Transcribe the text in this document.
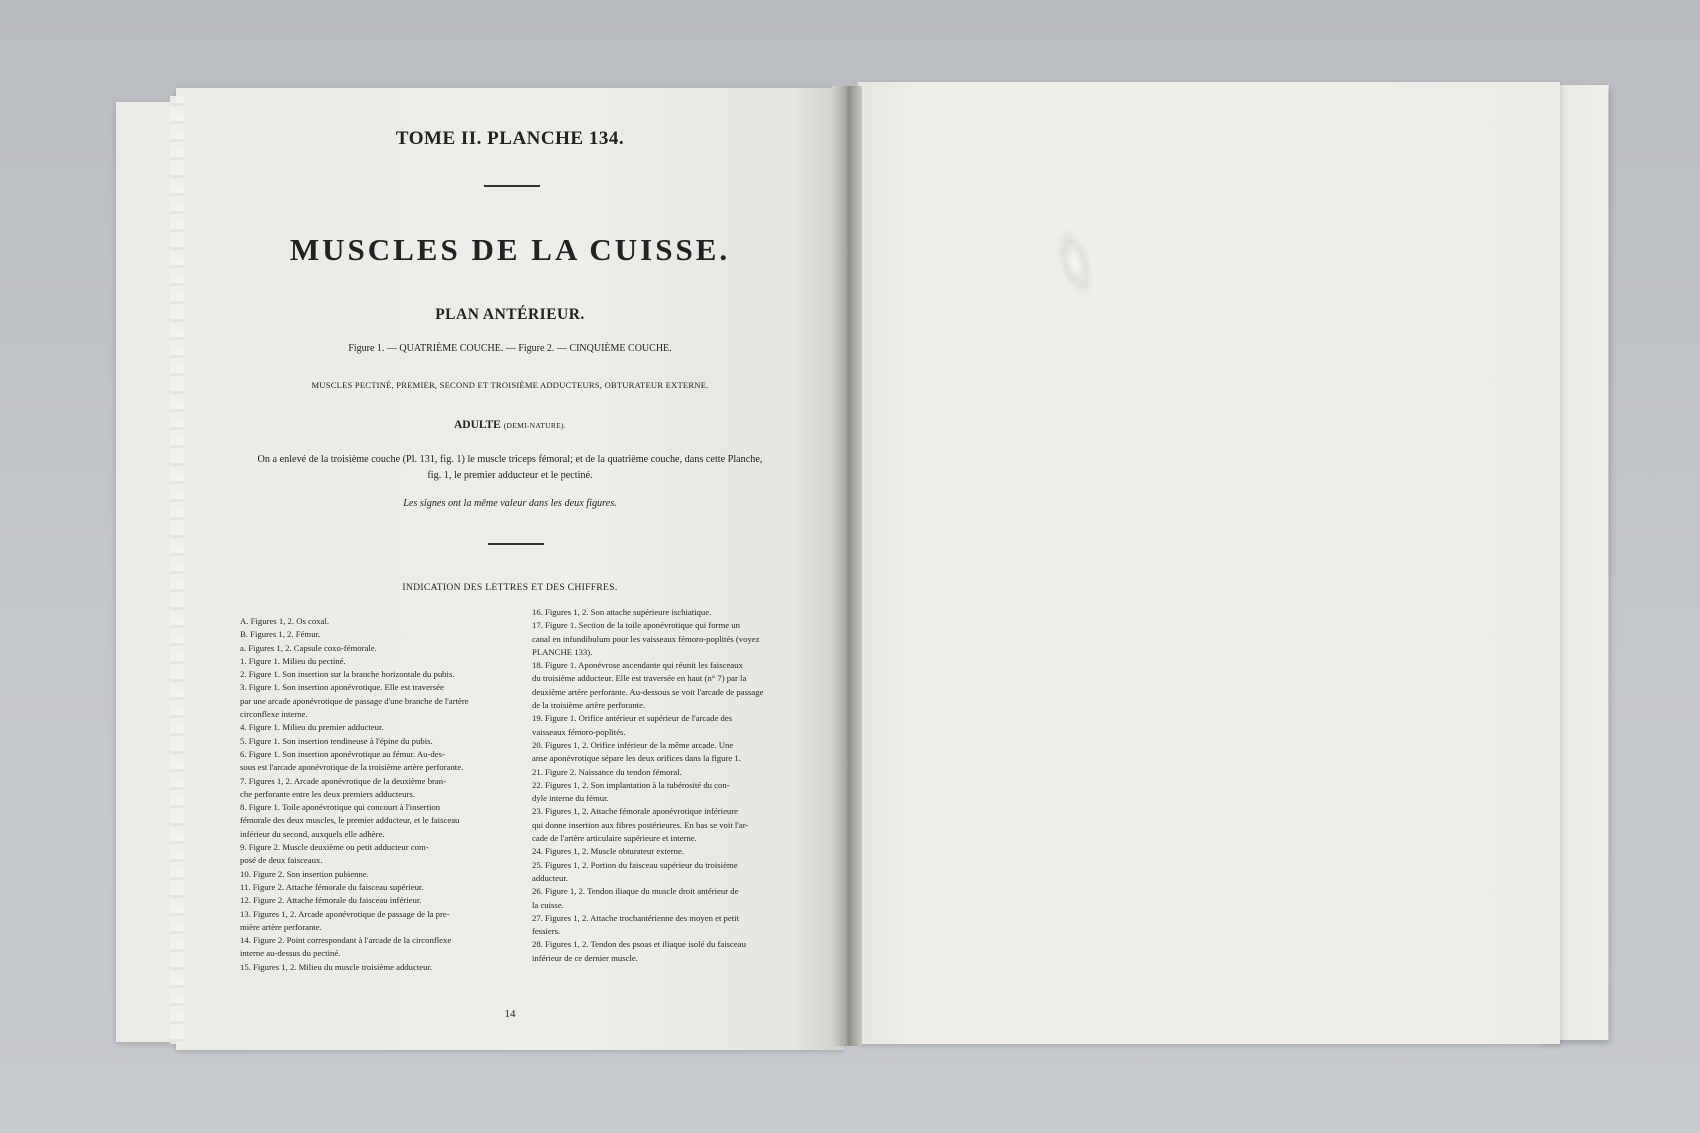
TOME II. PLANCHE 134.
MUSCLES DE LA CUISSE.
PLAN ANTÉRIEUR.
Figure 1. — QUATRIÈME COUCHE. — Figure 2. — CINQUIÈME COUCHE.
MUSCLES PECTINÉ, PREMIER, SECOND ET TROISIÈME ADDUCTEURS, OBTURATEUR EXTERNE.
ADULTE (DEMI-NATURE).
On a enlevé de la troisième couche (Pl. 131, fig. 1) le muscle triceps fémoral; et de la quatrième couche, dans cette Planche,
fig. 1, le premier adducteur et le pectiné.
Les signes ont la même valeur dans les deux figures.
INDICATION DES LETTRES ET DES CHIFFRES.
A. Figures 1, 2. Os coxal.
B. Figures 1, 2. Fémur.
a. Figures 1, 2. Capsule coxo-fémorale.
1. Figure 1. Milieu du pectiné.
2. Figure 1. Son insertion sur la branche horizontale du pubis.
3. Figure 1. Son insertion aponévrotique. Elle est traversée
par une arcade aponévrotique de passage d'une branche de l'artère
circonflexe interne.
4. Figure 1. Milieu du premier adducteur.
5. Figure 1. Son insertion tendineuse à l'épine du pubis.
6. Figure 1. Son insertion aponévrotique au fémur. Au-des-
sous est l'arcade aponévrotique de la troisième artère perforante.
7. Figures 1, 2. Arcade aponévrotique de la deuxième bran-
che perforante entre les deux premiers adducteurs.
8. Figure 1. Toile aponévrotique qui concourt à l'insertion
fémorale des deux muscles, le premier adducteur, et le faisceau
inférieur du second, auxquels elle adhère.
9. Figure 2. Muscle deuxième ou petit adducteur com-
posé de deux faisceaux.
10. Figure 2. Son insertion pubienne.
11. Figure 2. Attache fémorale du faisceau supérieur.
12. Figure 2. Attache fémorale du faisceau inférieur.
13. Figures 1, 2. Arcade aponévrotique de passage de la pre-
mière artère perforante.
14. Figure 2. Point correspondant à l'arcade de la circonflexe
interne au-dessus du pectiné.
15. Figures 1, 2. Milieu du muscle troisième adducteur.
16. Figures 1, 2. Son attache supérieure ischiatique.
17. Figure 1. Section de la toile aponévrotique qui forme un
canal en infundibulum pour les vaisseaux fémoro-poplités (voyez
PLANCHE 133).
18. Figure 1. Aponévrose ascendante qui réunit les faisceaux
du troisième adducteur. Elle est traversée en haut (n° 7) par la
deuxième artère perforante. Au-dessous se voit l'arcade de passage
de la troisième artère perforante.
19. Figure 1. Orifice antérieur et supérieur de l'arcade des
vaisseaux fémoro-poplités.
20. Figures 1, 2. Orifice inférieur de la même arcade. Une
anse aponévrotique sépare les deux orifices dans la figure 1.
21. Figure 2. Naissance du tendon fémoral.
22. Figures 1, 2. Son implantation à la tubérosité du con-
dyle interne du fémur.
23. Figures 1, 2. Attache fémorale aponévrotique inférieure
qui donne insertion aux fibres postérieures. En bas se voit l'ar-
cade de l'artère articulaire supérieure et interne.
24. Figures 1, 2. Muscle obturateur externe.
25. Figures 1, 2. Portion du faisceau supérieur du troisième
adducteur.
26. Figure 1, 2. Tendon iliaque du muscle droit antérieur de
la cuisse.
27. Figures 1, 2. Attache trochantérienne des moyen et petit
fessiers.
28. Figures 1, 2. Tendon des psoas et iliaque isolé du faisceau
inférieur de ce dernier muscle.
14
